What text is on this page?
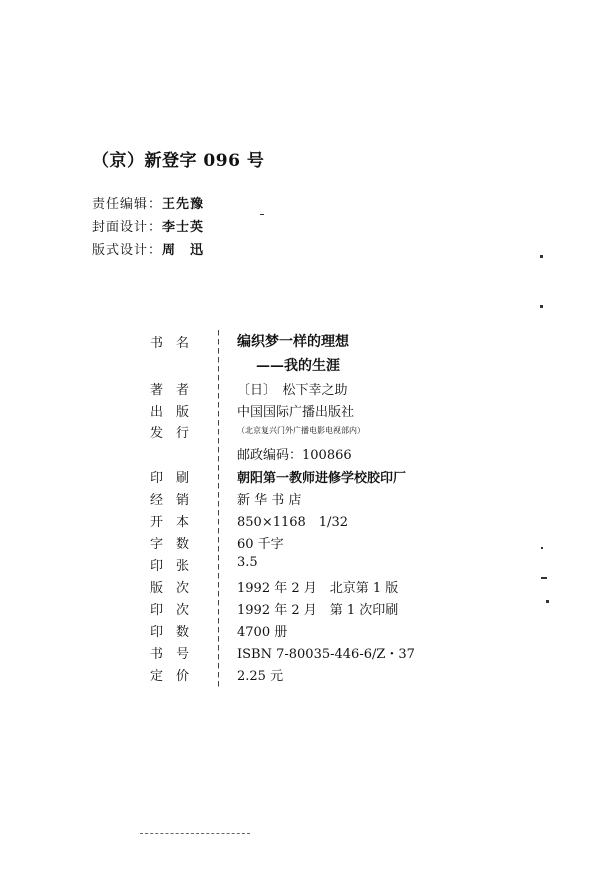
（京）新登字 096 号
责任编辑：王先豫
封面设计：李士英
版式设计：周　迅
书　名
著　者
出　版
发　行
印　刷
经　销
开　本
字　数
印　张
版　次
印　次
印　数
书　号
定　价
编织梦一样的理想
——我的生涯
〔日〕　松下幸之助
中国国际广播出版社
（北京复兴门外广播电影电视部内）
邮政编码：100866
朝阳第一教师进修学校胶印厂
新 华 书 店
850×1168　1/32
60 千字
3.5
1992 年 2 月　北京第 1 版
1992 年 2 月　第 1 次印刷
4700 册
ISBN 7-80035-446-6/Z・37
2.25 元
